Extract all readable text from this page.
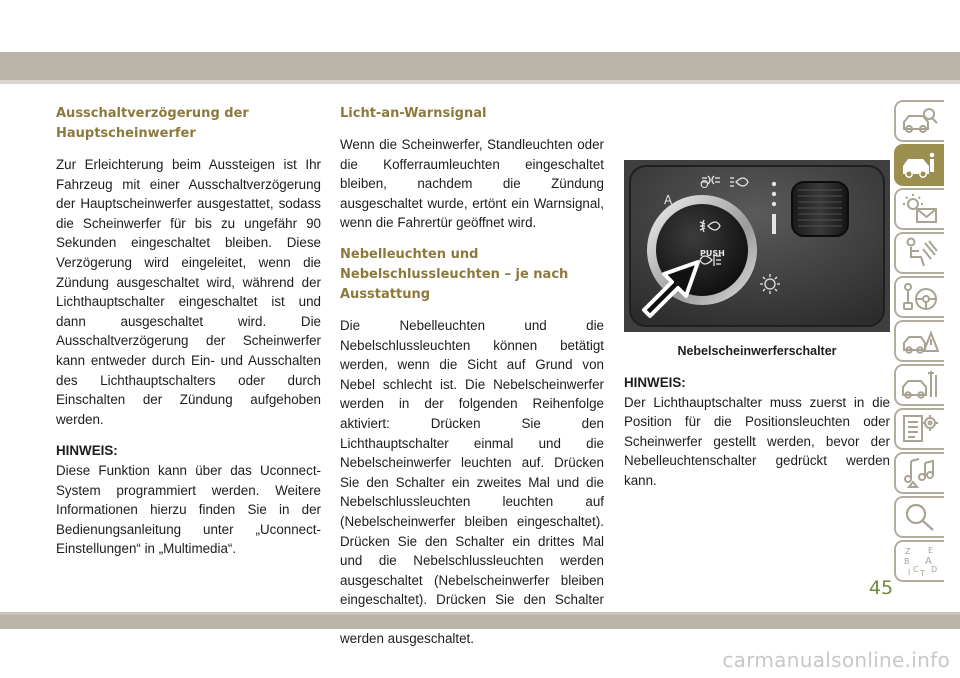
Ausschaltverzögerung der Hauptscheinwerfer

Zur Erleichterung beim Aussteigen ist Ihr Fahrzeug mit einer Ausschaltverzögerung der Hauptscheinwerfer ausgestattet, sodass die Scheinwerfer für bis zu ungefähr 90 Sekunden eingeschaltet bleiben. Diese Verzögerung wird eingeleitet, wenn die Zündung ausgeschaltet wird, während der Lichthauptschalter eingeschaltet ist und dann ausgeschaltet wird. Die Ausschaltverzögerung der Scheinwerfer kann entweder durch Ein- und Ausschalten des Lichthauptschalters oder durch Einschalten der Zündung aufgehoben werden.

HINWEIS:

Diese Funktion kann über das Uconnect-System programmiert werden. Weitere Informationen hierzu finden Sie in der Bedienungsanleitung unter „Uconnect-Einstellungen“ in „Multimedia“.

Licht-an-Warnsignal

Wenn die Scheinwerfer, Standleuchten oder die Kofferraumleuchten eingeschaltet bleiben, nachdem die Zündung ausgeschaltet wurde, ertönt ein Warnsignal, wenn die Fahrertür geöffnet wird.

Nebelleuchten und Nebelschlussleuchten – je nach Ausstattung

Die Nebelleuchten und die Nebelschlussleuchten können betätigt werden, wenn die Sicht auf Grund von Nebel schlecht ist. Die Nebelscheinwerfer werden in der folgenden Reihenfolge aktiviert: Drücken Sie den Lichthauptschalter einmal und die Nebelscheinwerfer leuchten auf. Drücken Sie den Schalter ein zweites Mal und die Nebelschlussleuchten leuchten auf (Nebelscheinwerfer bleiben eingeschaltet). Drücken Sie den Schalter ein drittes Mal und die Nebelschlussleuchten werden ausgeschaltet (Nebelscheinwerfer bleiben eingeschaltet). Drücken Sie den Schalter werden ausgeschaltet.

A
O
PUSH
Nebelscheinwerferschalter

HINWEIS:

Der Lichthauptschalter muss zuerst in die Position für die Positionsleuchten oder Scheinwerfer gestellt werden, bevor der Nebelleuchtenschalter gedrückt werden kann.

Z E
B A
C D
I T
45
carmanualsonline.info
